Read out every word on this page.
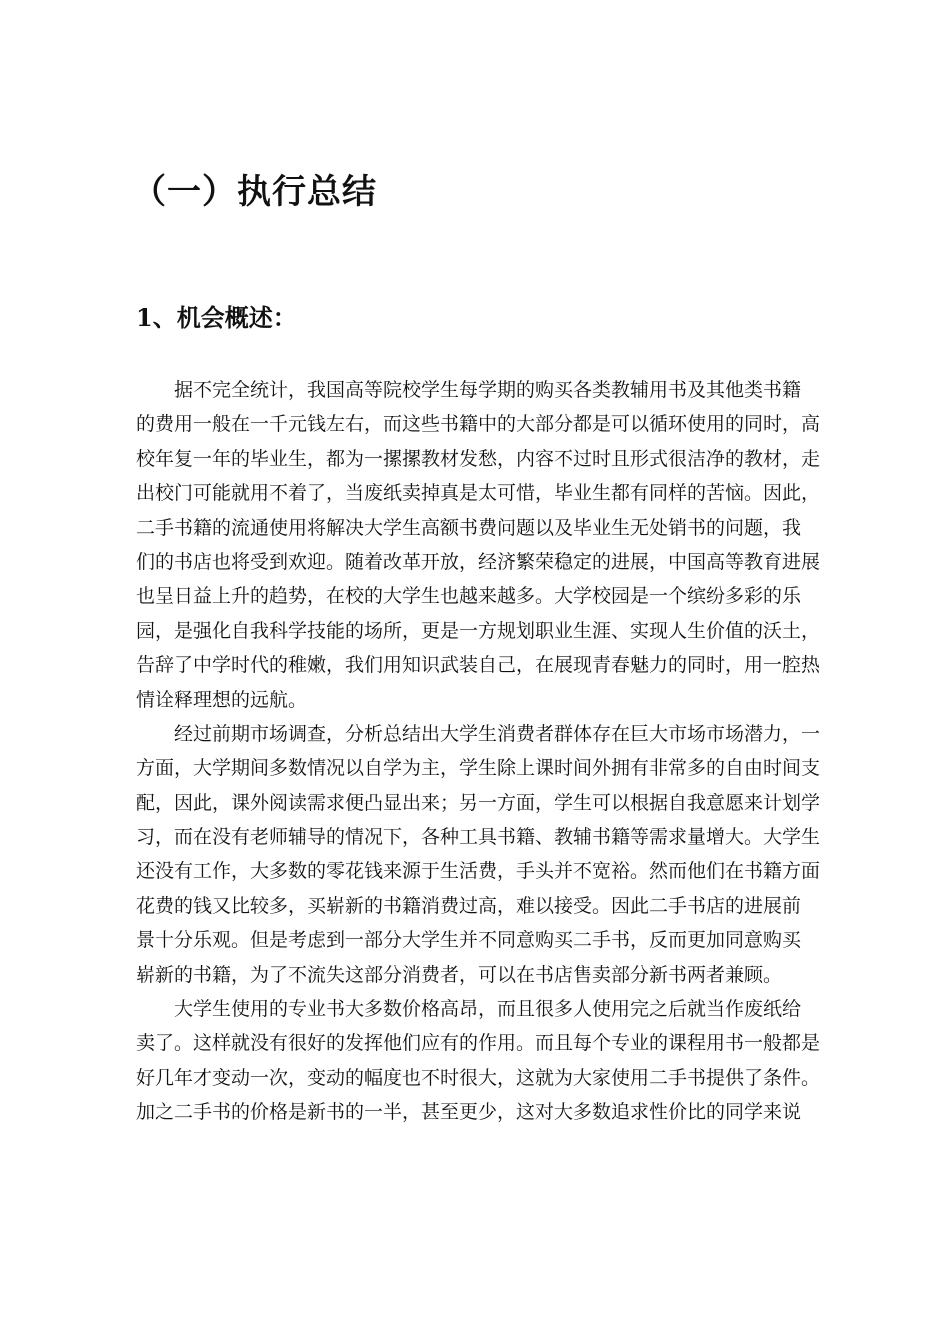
（一）执行总结
1、机会概述：
据不完全统计，我国高等院校学生每学期的购买各类教辅用书及其他类书籍
的费用一般在一千元钱左右，而这些书籍中的大部分都是可以循环使用的同时，高
校年复一年的毕业生，都为一摞摞教材发愁，内容不过时且形式很洁净的教材，走
出校门可能就用不着了，当废纸卖掉真是太可惜，毕业生都有同样的苦恼。因此，
二手书籍的流通使用将解决大学生高额书费问题以及毕业生无处销书的问题，我
们的书店也将受到欢迎。随着改革开放，经济繁荣稳定的进展，中国高等教育进展
也呈日益上升的趋势，在校的大学生也越来越多。大学校园是一个缤纷多彩的乐
园，是强化自我科学技能的场所，更是一方规划职业生涯、实现人生价值的沃土，
告辞了中学时代的稚嫩，我们用知识武装自己，在展现青春魅力的同时，用一腔热
情诠释理想的远航。
经过前期市场调查，分析总结出大学生消费者群体存在巨大市场市场潜力，一
方面，大学期间多数情况以自学为主，学生除上课时间外拥有非常多的自由时间支
配，因此，课外阅读需求便凸显出来；另一方面，学生可以根据自我意愿来计划学
习，而在没有老师辅导的情况下，各种工具书籍、教辅书籍等需求量增大。大学生
还没有工作，大多数的零花钱来源于生活费，手头并不宽裕。然而他们在书籍方面
花费的钱又比较多，买崭新的书籍消费过高，难以接受。因此二手书店的进展前
景十分乐观。但是考虑到一部分大学生并不同意购买二手书，反而更加同意购买
崭新的书籍，为了不流失这部分消费者，可以在书店售卖部分新书两者兼顾。
大学生使用的专业书大多数价格高昂，而且很多人使用完之后就当作废纸给
卖了。这样就没有很好的发挥他们应有的作用。而且每个专业的课程用书一般都是
好几年才变动一次，变动的幅度也不时很大，这就为大家使用二手书提供了条件。
加之二手书的价格是新书的一半，甚至更少，这对大多数追求性价比的同学来说
